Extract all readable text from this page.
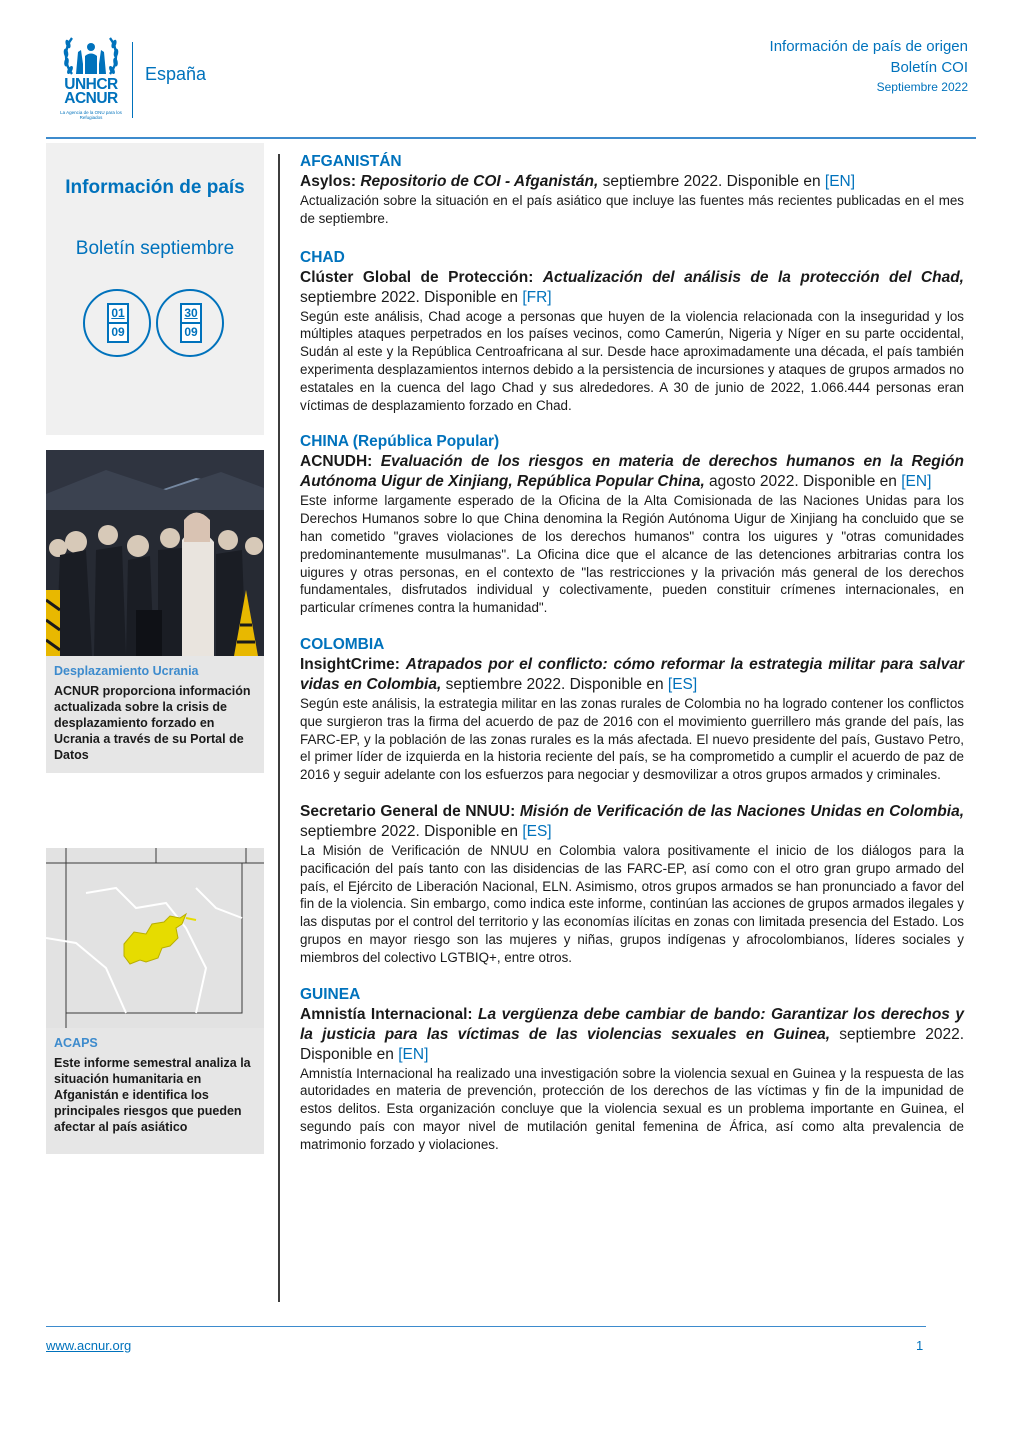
UNHCR
ACNUR
La Agencia de la ONU para los Refugiados
España
Información de país de origen
Boletín COI
Septiembre 2022
Información de país
Boletín septiembre
01
09
30
09
Desplazamiento Ucrania
ACNUR proporciona información actualizada sobre la crisis de desplazamiento forzado en Ucrania a través de su Portal de Datos
ACAPS
Este informe semestral analiza la situación humanitaria en Afganistán e identifica los principales riesgos que pueden afectar al país asiático
AFGANISTÁN
Asylos: Repositorio de COI - Afganistán, septiembre 2022. Disponible en [EN]
Actualización sobre la situación en el país asiático que incluye las fuentes más recientes publicadas en el mes de septiembre.
CHAD
Clúster Global de Protección: Actualización del análisis de la protección del Chad, septiembre 2022. Disponible en [FR]
Según este análisis, Chad acoge a personas que huyen de la violencia relacionada con la inseguridad y los múltiples ataques perpetrados en los países vecinos, como Camerún, Nigeria y Níger en su parte occidental, Sudán al este y la República Centroafricana al sur. Desde hace aproximadamente una década, el país también experimenta desplazamientos internos debido a la persistencia de incursiones y ataques de grupos armados no estatales en la cuenca del lago Chad y sus alrededores. A 30 de junio de 2022, 1.066.444 personas eran víctimas de desplazamiento forzado en Chad.
CHINA (República Popular)
ACNUDH: Evaluación de los riesgos en materia de derechos humanos en la Región Autónoma Uigur de Xinjiang, República Popular China, agosto 2022. Disponible en [EN]
Este informe largamente esperado de la Oficina de la Alta Comisionada de las Naciones Unidas para los Derechos Humanos sobre lo que China denomina la Región Autónoma Uigur de Xinjiang ha concluido que se han cometido "graves violaciones de los derechos humanos" contra los uigures y "otras comunidades predominantemente musulmanas". La Oficina dice que el alcance de las detenciones arbitrarias contra los uigures y otras personas, en el contexto de "las restricciones y la privación más general de los derechos fundamentales, disfrutados individual y colectivamente, pueden constituir crímenes internacionales, en particular crímenes contra la humanidad".
COLOMBIA
InsightCrime: Atrapados por el conflicto: cómo reformar la estrategia militar para salvar vidas en Colombia, septiembre 2022. Disponible en [ES]
Según este análisis, la estrategia militar en las zonas rurales de Colombia no ha logrado contener los conflictos que surgieron tras la firma del acuerdo de paz de 2016 con el movimiento guerrillero más grande del país, las FARC-EP, y la población de las zonas rurales es la más afectada. El nuevo presidente del país, Gustavo Petro, el primer líder de izquierda en la historia reciente del país, se ha comprometido a cumplir el acuerdo de paz de 2016 y seguir adelante con los esfuerzos para negociar y desmovilizar a otros grupos armados y criminales.
Secretario General de NNUU: Misión de Verificación de las Naciones Unidas en Colombia, septiembre 2022. Disponible en [ES]
La Misión de Verificación de NNUU en Colombia valora positivamente el inicio de los diálogos para la pacificación del país tanto con las disidencias de las FARC-EP, así como con el otro gran grupo armado del país, el Ejército de Liberación Nacional, ELN. Asimismo, otros grupos armados se han pronunciado a favor del fin de la violencia. Sin embargo, como indica este informe, continúan las acciones de grupos armados ilegales y las disputas por el control del territorio y las economías ilícitas en zonas con limitada presencia del Estado. Los grupos en mayor riesgo son las mujeres y niñas, grupos indígenas y afrocolombianos, líderes sociales y miembros del colectivo LGTBIQ+, entre otros.
GUINEA
Amnistía Internacional: La vergüenza debe cambiar de bando: Garantizar los derechos y la justicia para las víctimas de las violencias sexuales en Guinea, septiembre 2022. Disponible en [EN]
Amnistía Internacional ha realizado una investigación sobre la violencia sexual en Guinea y la respuesta de las autoridades en materia de prevención, protección de los derechos de las víctimas y fin de la impunidad de estos delitos. Esta organización concluye que la violencia sexual es un problema importante en Guinea, el segundo país con mayor nivel de mutilación genital femenina de África, así como alta prevalencia de matrimonio forzado y violaciones.
www.acnur.org	1
